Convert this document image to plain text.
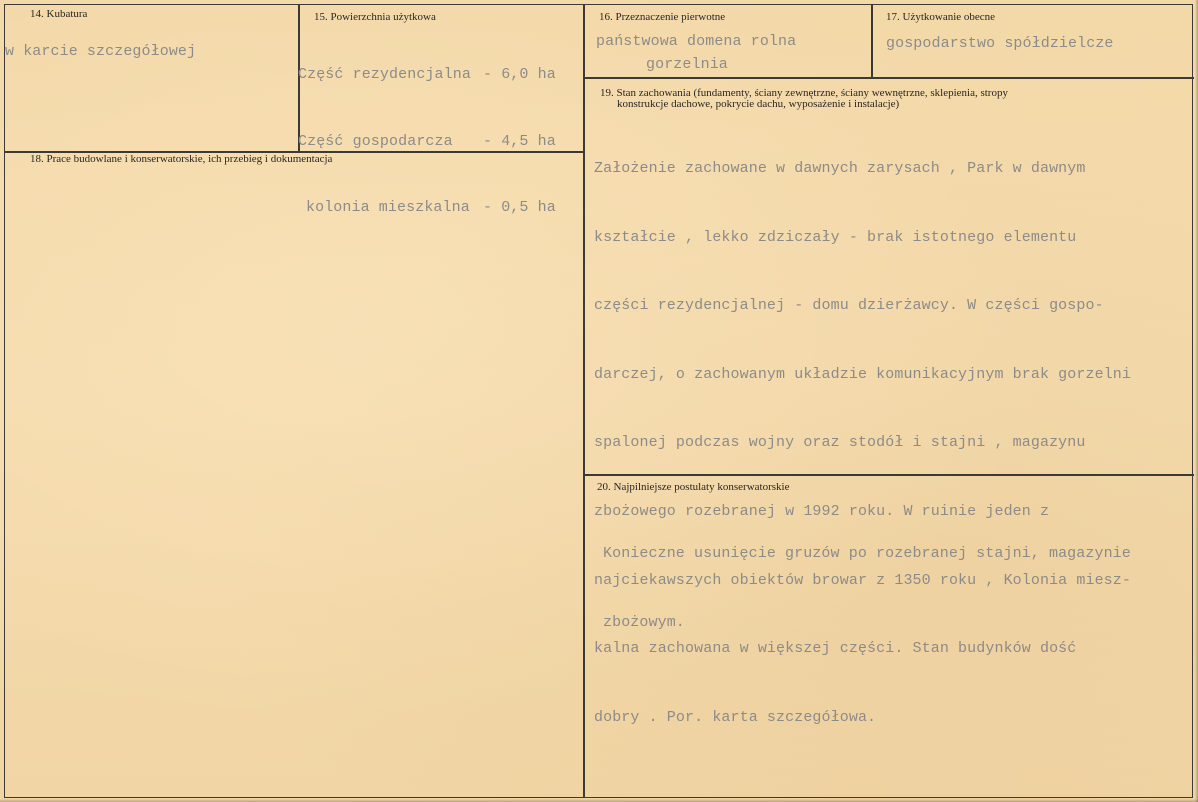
14. Kubatura
w karcie szczegółowej
15. Powierzchnia użytkowa

Część rezydencjalna

- 6,0 ha

Część gospodarcza

- 4,5 ha

kolonia mieszkalna

- 0,5 ha

16. Przeznaczenie pierwotne
państwowa domena rolna
gorzelnia
17. Użytkowanie obecne
gospodarstwo spółdzielcze
18. Prace budowlane i konserwatorskie, ich przebieg i dokumentacja
19. Stan zachowania (fundamenty, ściany zewnętrzne, ściany wewnętrzne, sklepienia, stropy
konstrukcje dachowe, pokrycie dachu, wyposażenie i instalacje)

Założenie zachowane w dawnych zarysach , Park w dawnym

kształcie , lekko zdziczały - brak istotnego elementu

części rezydencjalnej - domu dzierżawcy. W części gospo-

darczej, o zachowanym układzie komunikacyjnym brak gorzelni

spalonej podczas wojny oraz stodół i stajni , magazynu

zbożowego rozebranej w 1992 roku. W ruinie jeden z

najciekawszych obiektów browar z 1350 roku , Kolonia miesz-

kalna zachowana w większej części. Stan budynków dość

dobry . Por. karta szczegółowa.

20. Najpilniejsze postulaty konserwatorskie

Konieczne usunięcie gruzów po rozebranej stajni, magazynie

zbożowym.
